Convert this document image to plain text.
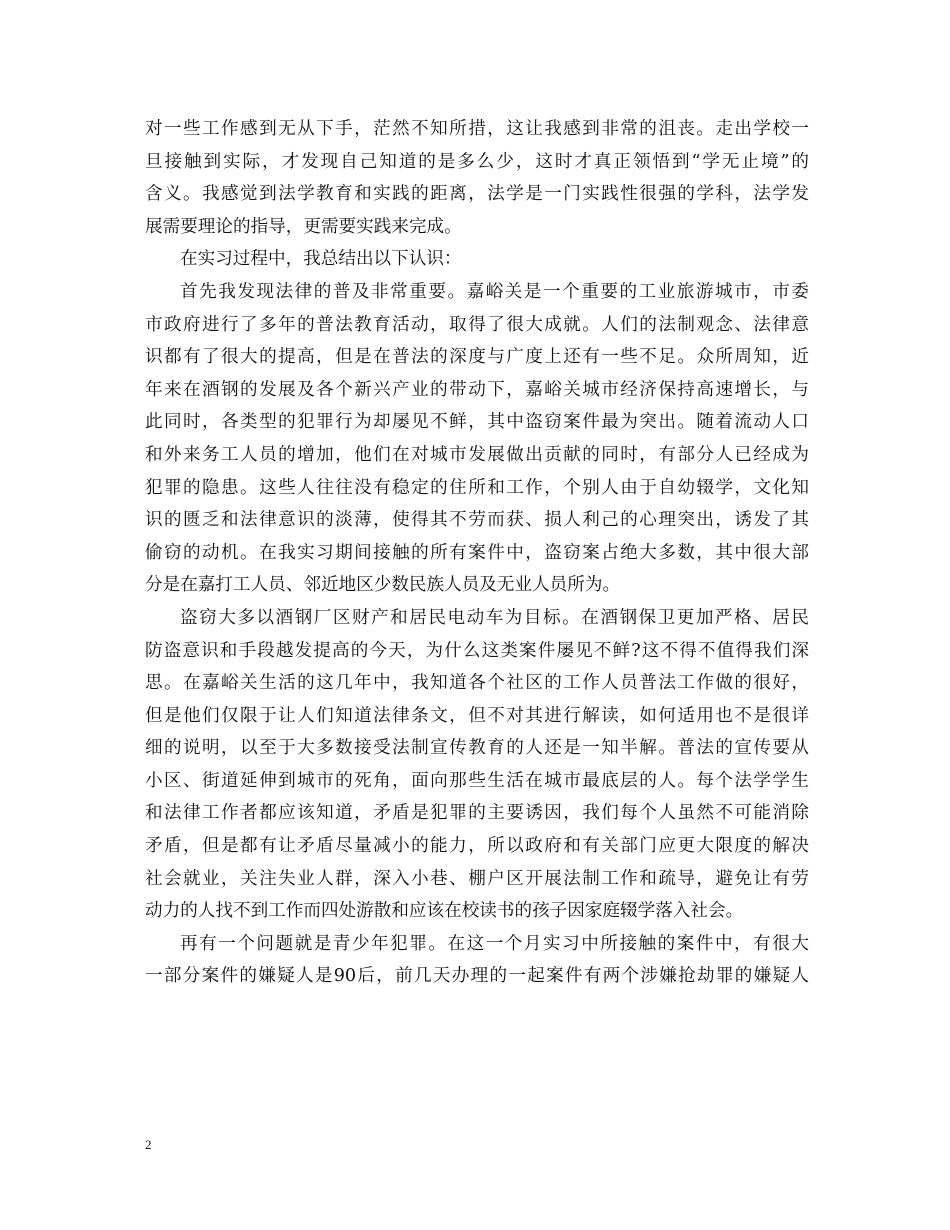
对一些工作感到无从下手，茫然不知所措，这让我感到非常的沮丧。走出学校一
旦接触到实际，才发现自己知道的是多么少，这时才真正领悟到“学无止境”的
含义。我感觉到法学教育和实践的距离，法学是一门实践性很强的学科，法学发
展需要理论的指导，更需要实践来完成。
在实习过程中，我总结出以下认识：
首先我发现法律的普及非常重要。嘉峪关是一个重要的工业旅游城市，市委
市政府进行了多年的普法教育活动，取得了很大成就。人们的法制观念、法律意
识都有了很大的提高，但是在普法的深度与广度上还有一些不足。众所周知，近
年来在酒钢的发展及各个新兴产业的带动下，嘉峪关城市经济保持高速增长，与
此同时，各类型的犯罪行为却屡见不鲜，其中盗窃案件最为突出。随着流动人口
和外来务工人员的增加，他们在对城市发展做出贡献的同时，有部分人已经成为
犯罪的隐患。这些人往往没有稳定的住所和工作，个别人由于自幼辍学，文化知
识的匮乏和法律意识的淡薄，使得其不劳而获、损人利己的心理突出，诱发了其
偷窃的动机。在我实习期间接触的所有案件中，盗窃案占绝大多数，其中很大部
分是在嘉打工人员、邻近地区少数民族人员及无业人员所为。
盗窃大多以酒钢厂区财产和居民电动车为目标。在酒钢保卫更加严格、居民
防盗意识和手段越发提高的今天，为什么这类案件屡见不鲜?这不得不值得我们深
思。在嘉峪关生活的这几年中，我知道各个社区的工作人员普法工作做的很好，
但是他们仅限于让人们知道法律条文，但不对其进行解读，如何适用也不是很详
细的说明，以至于大多数接受法制宣传教育的人还是一知半解。普法的宣传要从
小区、街道延伸到城市的死角，面向那些生活在城市最底层的人。每个法学学生
和法律工作者都应该知道，矛盾是犯罪的主要诱因，我们每个人虽然不可能消除
矛盾，但是都有让矛盾尽量减小的能力，所以政府和有关部门应更大限度的解决
社会就业，关注失业人群，深入小巷、棚户区开展法制工作和疏导，避免让有劳
动力的人找不到工作而四处游散和应该在校读书的孩子因家庭辍学落入社会。
再有一个问题就是青少年犯罪。在这一个月实习中所接触的案件中，有很大
一部分案件的嫌疑人是90后，前几天办理的一起案件有两个涉嫌抢劫罪的嫌疑人
2
